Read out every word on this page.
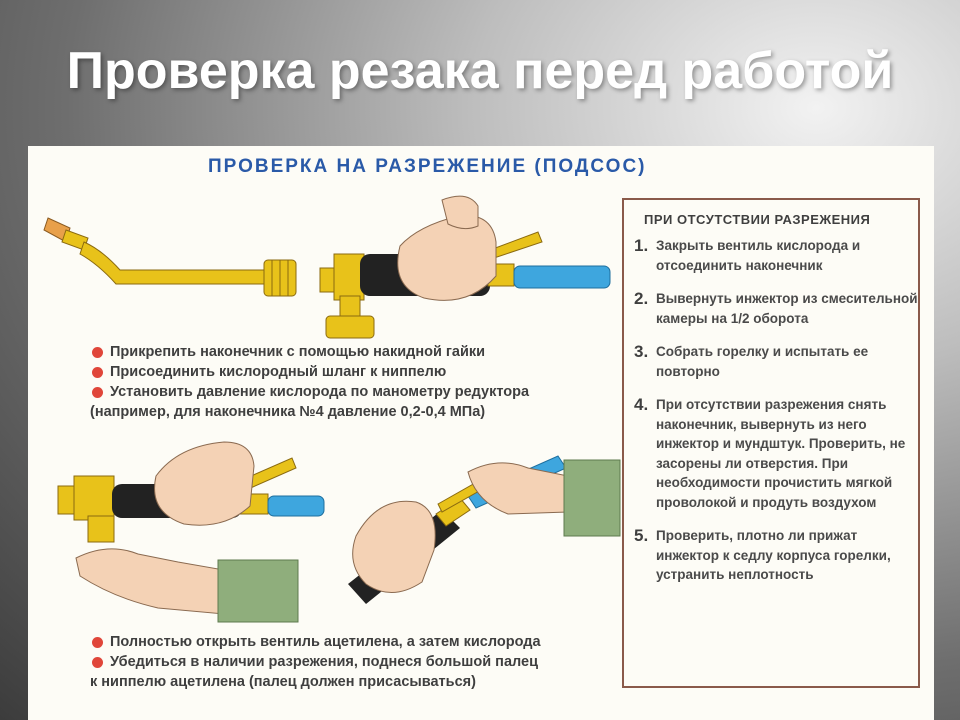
Проверка резака перед работой
ПРОВЕРКА НА РАЗРЕЖЕНИЕ (ПОДСОС)
Прикрепить наконечник с помощью накидной гайки
Присоединить кислородный шланг к ниппелю
Установить давление кислорода по манометру редуктора
(например, для наконечника №4 давление 0,2-0,4 МПа)
Полностью открыть вентиль ацетилена, а затем кислорода
Убедиться в наличии разрежения, поднеся большой палец
к ниппелю ацетилена (палец должен присасываться)
ПРИ ОТСУТСТВИИ РАЗРЕЖЕНИЯ
1. Закрыть вентиль кислорода и отсоединить наконечник
2. Вывернуть инжектор из смесительной камеры на 1/2 оборота
3. Собрать горелку и испытать ее повторно
4. При отсутствии разрежения снять наконечник, вывернуть из него инжектор и мундштук. Проверить, не засорены ли отверстия. При необходимости прочистить мягкой проволокой и продуть воздухом
5. Проверить, плотно ли прижат инжектор к седлу корпуса горелки, устранить неплотность
